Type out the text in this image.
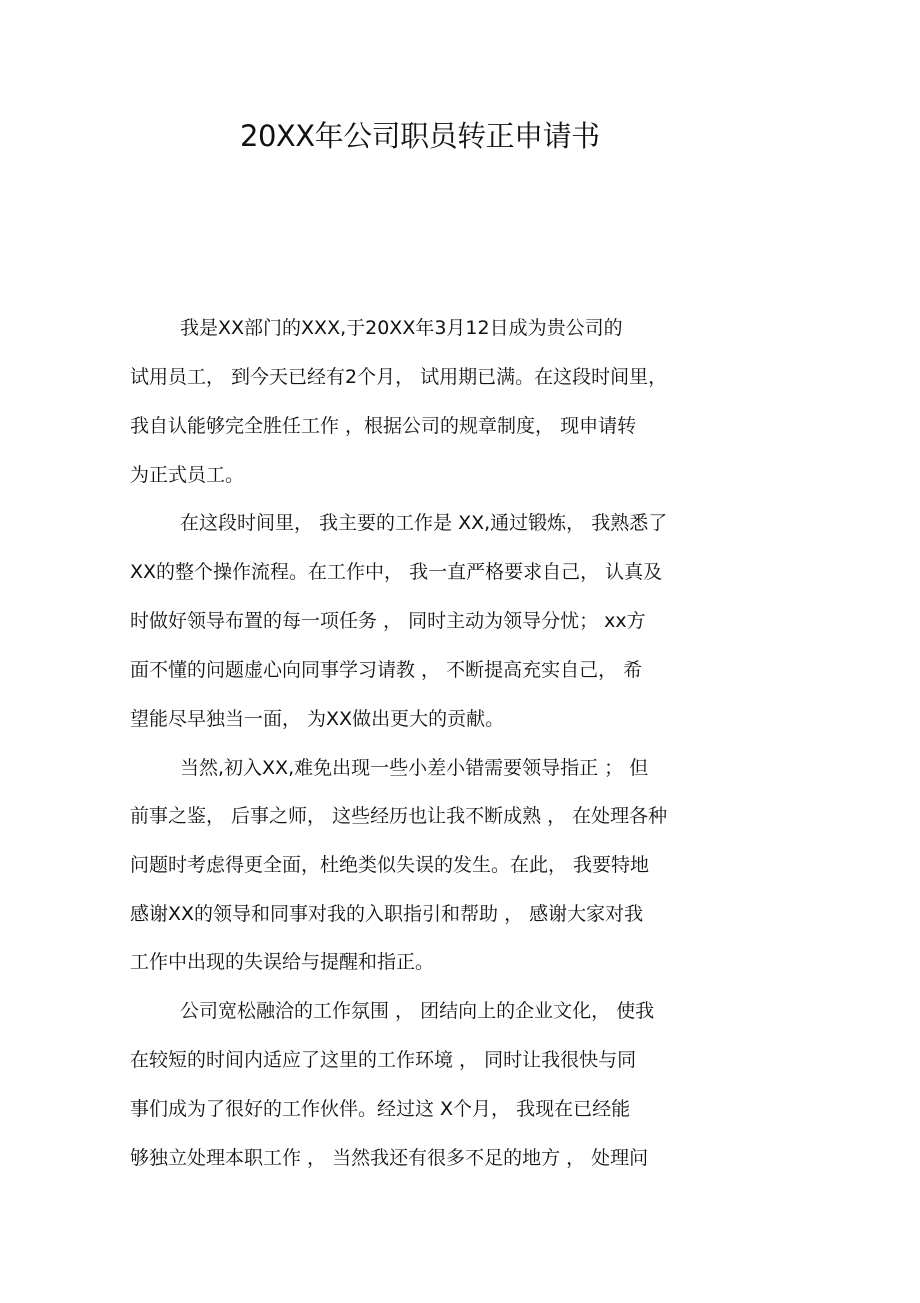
20XX年公司职员转正申请书
我是XX部门的XXX,于20XX年3月12日成为贵公司的
试用员工， 到今天已经有2个月， 试用期已满。在这段时间里，
我自认能够完全胜任工作 ，根据公司的规章制度， 现申请转
为正式员工。
在这段时间里， 我主要的工作是 XX,通过锻炼， 我熟悉了
XX的整个操作流程。在工作中， 我一直严格要求自己， 认真及
时做好领导布置的每一项任务 ， 同时主动为领导分忧； xx方
面不懂的问题虚心向同事学习请教 ， 不断提高充实自己， 希
望能尽早独当一面， 为XX做出更大的贡献。
当然,初入XX,难免出现一些小差小错需要领导指正 ； 但
前事之鉴， 后事之师， 这些经历也让我不断成熟 ， 在处理各种
问题时考虑得更全面，杜绝类似失误的发生。在此， 我要特地
感谢XX的领导和同事对我的入职指引和帮助 ， 感谢大家对我
工作中出现的失误给与提醒和指正。
公司宽松融洽的工作氛围 ， 团结向上的企业文化， 使我
在较短的时间内适应了这里的工作环境 ， 同时让我很快与同
事们成为了很好的工作伙伴。经过这 X个月， 我现在已经能
够独立处理本职工作 ， 当然我还有很多不足的地方 ， 处理问
